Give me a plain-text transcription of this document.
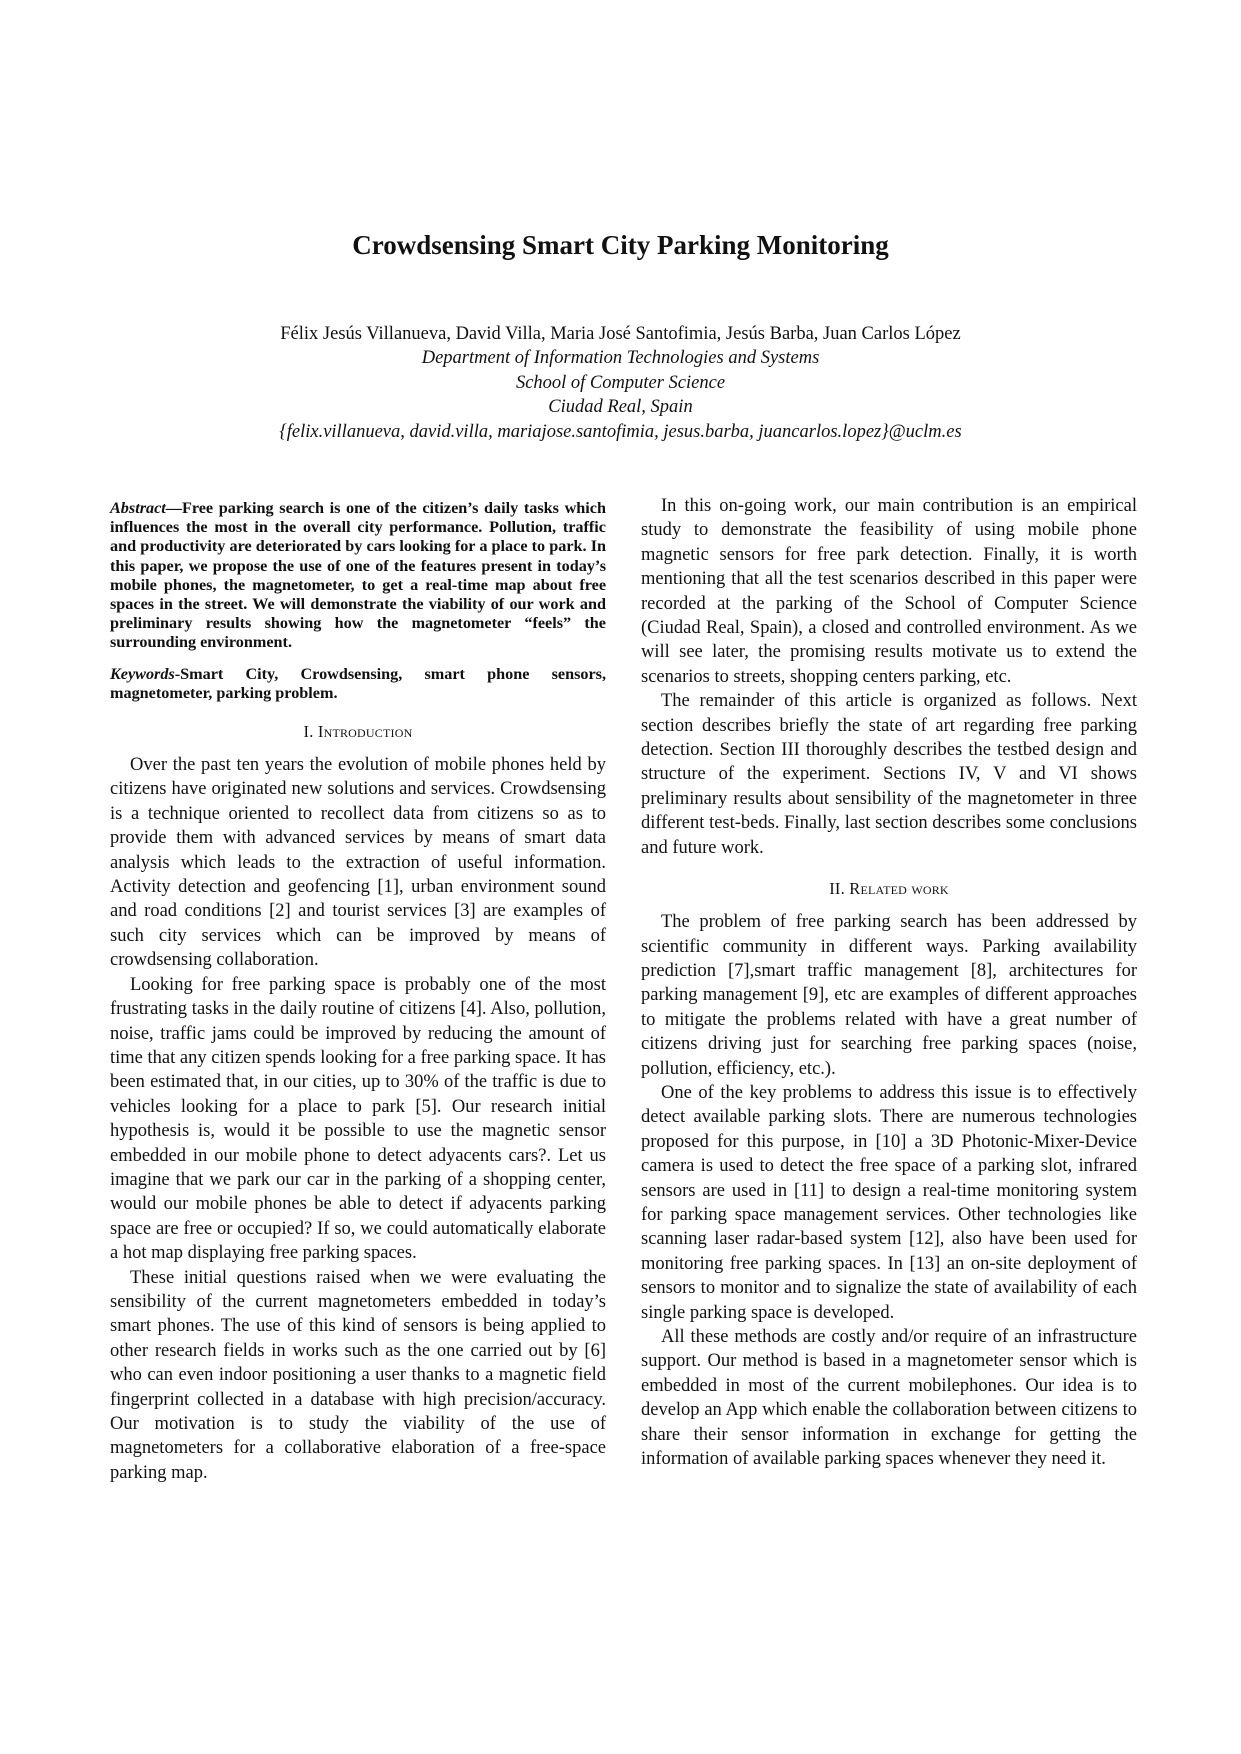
Crowdsensing Smart City Parking Monitoring
Félix Jesús Villanueva, David Villa, Maria José Santofimia, Jesús Barba, Juan Carlos López
Department of Information Technologies and Systems
School of Computer Science
Ciudad Real, Spain
{felix.villanueva, david.villa, mariajose.santofimia, jesus.barba, juancarlos.lopez}@uclm.es

Abstract—Free parking search is one of the citizen’s daily tasks which influences the most in the overall city performance. Pollution, traffic and productivity are deteriorated by cars looking for a place to park. In this paper, we propose the use of one of the features present in today’s mobile phones, the magnetometer, to get a real-time map about free spaces in the street. We will demonstrate the viability of our work and preliminary results showing how the magnetometer “feels” the surrounding environment.

Keywords-Smart City, Crowdsensing, smart phone sensors, magnetometer, parking problem.

I. Introduction

Over the past ten years the evolution of mobile phones held by citizens have originated new solutions and services. Crowdsensing is a technique oriented to recollect data from citizens so as to provide them with advanced services by means of smart data analysis which leads to the extraction of useful information. Activity detection and geofencing [1], urban environment sound and road conditions [2] and tourist services [3] are examples of such city services which can be improved by means of crowdsensing collaboration.

Looking for free parking space is probably one of the most frustrating tasks in the daily routine of citizens [4]. Also, pollution, noise, traffic jams could be improved by reducing the amount of time that any citizen spends looking for a free parking space. It has been estimated that, in our cities, up to 30% of the traffic is due to vehicles looking for a place to park [5]. Our research initial hypothesis is, would it be possible to use the magnetic sensor embedded in our mobile phone to detect adyacents cars?. Let us imagine that we park our car in the parking of a shopping center, would our mobile phones be able to detect if adyacents parking space are free or occupied? If so, we could automatically elaborate a hot map displaying free parking spaces.

These initial questions raised when we were evaluating the sensibility of the current magnetometers embedded in today’s smart phones. The use of this kind of sensors is being applied to other research fields in works such as the one carried out by [6] who can even indoor positioning a user thanks to a magnetic field fingerprint collected in a database with high precision/accuracy. Our motivation is to study the viability of the use of magnetometers for a collaborative elaboration of a free-space parking map.

In this on-going work, our main contribution is an empirical study to demonstrate the feasibility of using mobile phone magnetic sensors for free park detection. Finally, it is worth mentioning that all the test scenarios described in this paper were recorded at the parking of the School of Computer Science (Ciudad Real, Spain), a closed and controlled environment. As we will see later, the promising results motivate us to extend the scenarios to streets, shopping centers parking, etc.

The remainder of this article is organized as follows. Next section describes briefly the state of art regarding free parking detection. Section III thoroughly describes the testbed design and structure of the experiment. Sections IV, V and VI shows preliminary results about sensibility of the magnetometer in three different test-beds. Finally, last section describes some conclusions and future work.

II. Related work

The problem of free parking search has been addressed by scientific community in different ways. Parking availability prediction [7],smart traffic management [8], architectures for parking management [9], etc are examples of different approaches to mitigate the problems related with have a great number of citizens driving just for searching free parking spaces (noise, pollution, efficiency, etc.).

One of the key problems to address this issue is to effectively detect available parking slots. There are numerous technologies proposed for this purpose, in [10] a 3D Photonic-Mixer-Device camera is used to detect the free space of a parking slot, infrared sensors are used in [11] to design a real-time monitoring system for parking space management services. Other technologies like scanning laser radar-based system [12], also have been used for monitoring free parking spaces. In [13] an on-site deployment of sensors to monitor and to signalize the state of availability of each single parking space is developed.

All these methods are costly and/or require of an infrastructure support. Our method is based in a magnetometer sensor which is embedded in most of the current mobilephones. Our idea is to develop an App which enable the collaboration between citizens to share their sensor information in exchange for getting the information of available parking spaces whenever they need it.
